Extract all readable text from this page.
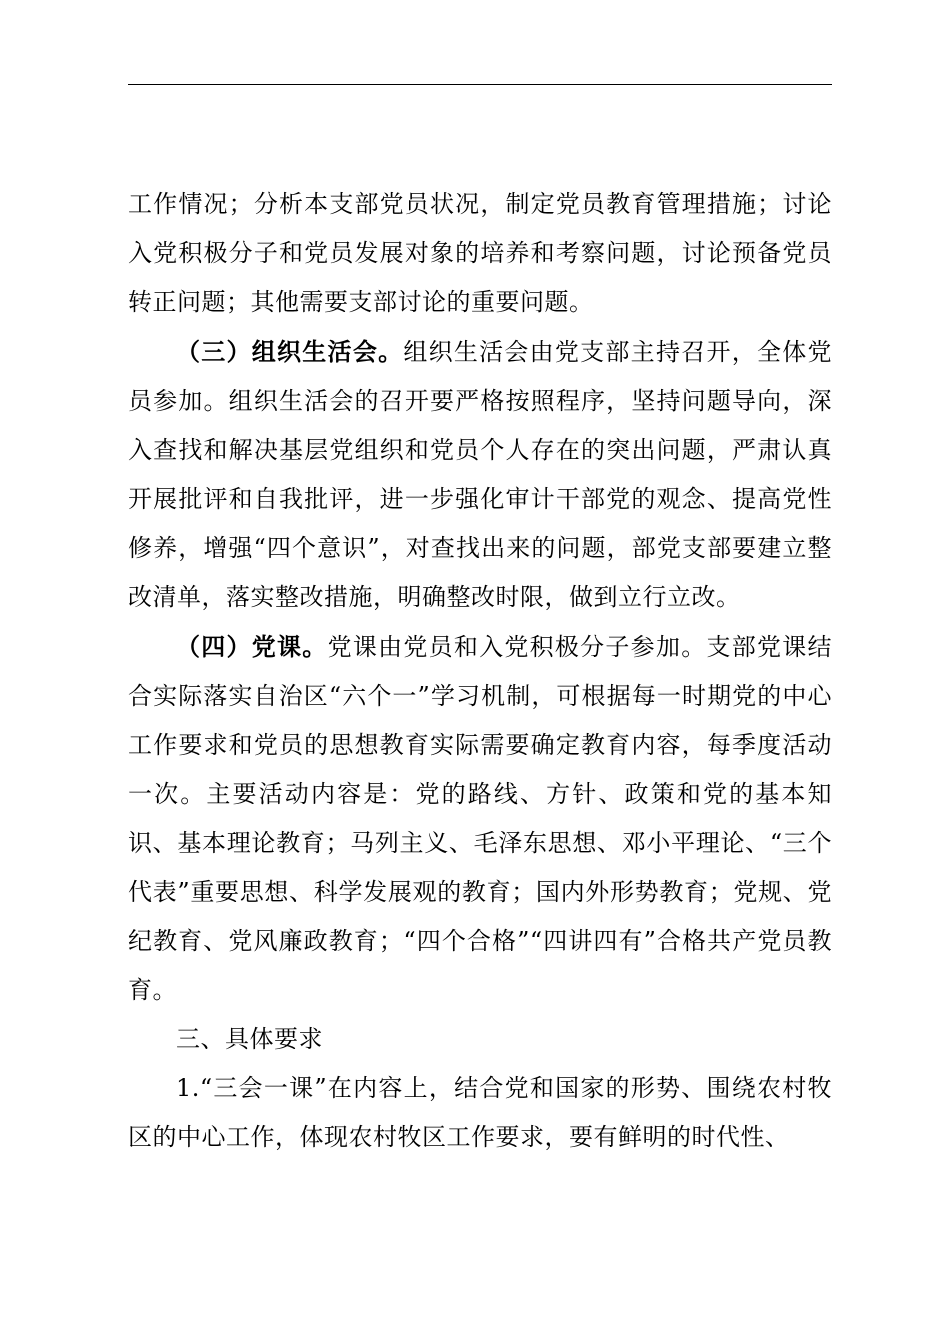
工作情况；分析本支部党员状况，制定党员教育管理措施；讨论入党积极分子和党员发展对象的培养和考察问题，讨论预备党员转正问题；其他需要支部讨论的重要问题。

（三）组织生活会。组织生活会由党支部主持召开，全体党员参加。组织生活会的召开要严格按照程序，坚持问题导向，深入查找和解决基层党组织和党员个人存在的突出问题，严肃认真开展批评和自我批评，进一步强化审计干部党的观念、提高党性修养，增强“四个意识”，对查找出来的问题，部党支部要建立整改清单，落实整改措施，明确整改时限，做到立行立改。

（四）党课。党课由党员和入党积极分子参加。支部党课结合实际落实自治区“六个一”学习机制，可根据每一时期党的中心工作要求和党员的思想教育实际需要确定教育内容，每季度活动一次。主要活动内容是：党的路线、方针、政策和党的基本知识、基本理论教育；马列主义、毛泽东思想、邓小平理论、“三个代表”重要思想、科学发展观的教育；国内外形势教育；党规、党纪教育、党风廉政教育；“四个合格”“四讲四有”合格共产党员教育。

三、具体要求

1.“三会一课”在内容上，结合党和国家的形势、围绕农村牧区的中心工作，体现农村牧区工作要求，要有鲜明的时代性、
